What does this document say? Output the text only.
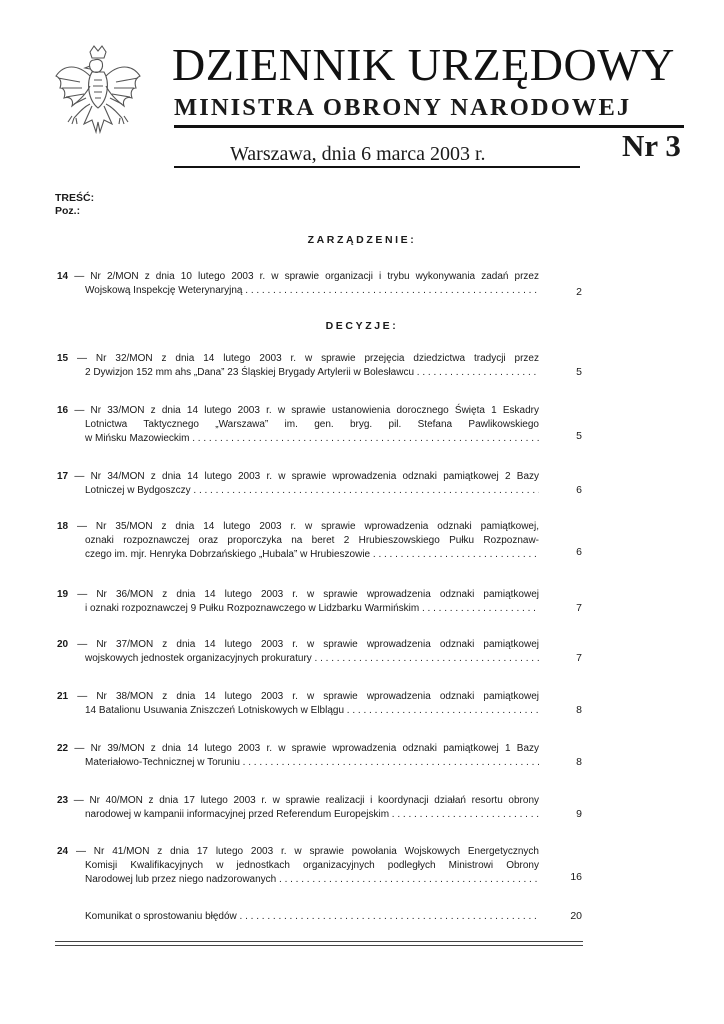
DZIENNIK URZĘDOWY
MINISTRA OBRONY NARODOWEJ
Warszawa, dnia 6 marca 2003 r.	Nr 3
TREŚĆ:
Poz.:
ZARZĄDZENIE:
DECYZJE:
14 — Nr 2/MON z dnia 10 lutego 2003 r. w sprawie organizacji i trybu wykonywania zadań przez
Wojskową Inspekcję Weterynaryjną . . .	2
15 — Nr 32/MON z dnia 14 lutego 2003 r. w sprawie przejęcia dziedzictwa tradycji przez
2 Dywizjon 152 mm ahs „Dana” 23 Śląskiej Brygady Artylerii w Bolesławcu . . .	5
16 — Nr 33/MON z dnia 14 lutego 2003 r. w sprawie ustanowienia dorocznego Święta 1 Eskadry
Lotnictwa Taktycznego „Warszawa” im. gen. bryg. pil. Stefana Pawlikowskiego
w Mińsku Mazowieckim . . .	5
17 — Nr 34/MON z dnia 14 lutego 2003 r. w sprawie wprowadzenia odznaki pamiątkowej 2 Bazy
Lotniczej w Bydgoszczy . . .	6
18 — Nr 35/MON z dnia 14 lutego 2003 r. w sprawie wprowadzenia odznaki pamiątkowej,
oznaki rozpoznawczej oraz proporczyka na beret 2 Hrubieszowskiego Pułku Rozpoznaw-
czego im. mjr. Henryka Dobrzańskiego „Hubala” w Hrubieszowie . . .	6
19 — Nr 36/MON z dnia 14 lutego 2003 r. w sprawie wprowadzenia odznaki pamiątkowej
i oznaki rozpoznawczej 9 Pułku Rozpoznawczego w Lidzbarku Warmińskim . . .	7
20 — Nr 37/MON z dnia 14 lutego 2003 r. w sprawie wprowadzenia odznaki pamiątkowej
wojskowych jednostek organizacyjnych prokuratury . . .	7
21 — Nr 38/MON z dnia 14 lutego 2003 r. w sprawie wprowadzenia odznaki pamiątkowej
14 Batalionu Usuwania Zniszczeń Lotniskowych w Elblągu . . .	8
22 — Nr 39/MON z dnia 14 lutego 2003 r. w sprawie wprowadzenia odznaki pamiątkowej 1 Bazy
Materiałowo-Technicznej w Toruniu . . .	8
23 — Nr 40/MON z dnia 17 lutego 2003 r. w sprawie realizacji i koordynacji działań resortu obrony
narodowej w kampanii informacyjnej przed Referendum Europejskim . . .	9
24 — Nr 41/MON z dnia 17 lutego 2003 r. w sprawie powołania Wojskowych Energetycznych
Komisji Kwalifikacyjnych w jednostkach organizacyjnych podległych Ministrowi Obrony
Narodowej lub przez niego nadzorowanych . . .	16
Komunikat o sprostowaniu błędów . . .	20
